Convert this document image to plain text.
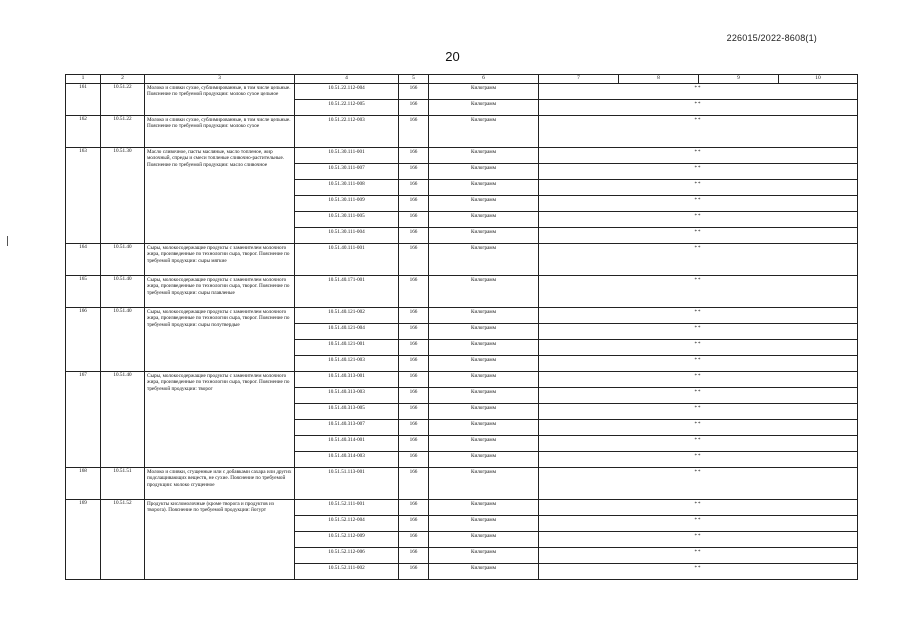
226015/2022-8608(1)
20
1	2	3	4	5	6	7	8	9	10
161	10.51.22	Молоко и сливки сухие, сублимированные, в том числе цельные. Пояснение по требуемой продукции: молоко сухое цельное	10.51.22.112-004	166	Килограмм	**			
			10.51.22.112-005	166	Килограмм	**			
162	10.51.22	Молоко и сливки сухие, сублимированные, в том числе цельные. Пояснение по требуемой продукции: молоко сухое	10.51.22.112-003	166	Килограмм	**			
163	10.51.30	Масло сливочное, пасты масляные, масло топленое, жир молочный, спреды и смеси топленые сливочно-растительные. Пояснение по требуемой продукции: масло сливочное	10.51.30.111-001	166	Килограмм	**			
			10.51.30.111-007	166	Килограмм	**			
			10.51.30.111-008	166	Килограмм	**			
			10.51.30.111-009	166	Килограмм	**			
			10.51.30.111-005	166	Килограмм	**			
			10.51.30.111-004	166	Килограмм	**			
164	10.51.40	Сыры, молокосодержащие продукты с заменителем молочного жира, произведенные по технологии сыра, творог. Пояснение по требуемой продукции: сыры мягкие	10.51.40.111-001	166	Килограмм	**			
165	10.51.40	Сыры, молокосодержащие продукты с заменителем молочного жира, произведенные по технологии сыра, творог. Пояснение по требуемой продукции: сыры плавленые	10.51.40.171-001	166	Килограмм	**			
166	10.51.40	Сыры, молокосодержащие продукты с заменителем молочного жира, произведенные по технологии сыра, творог. Пояснение по требуемой продукции: сыры полутвердые	10.51.40.121-002	166	Килограмм	**			
			10.51.40.121-004	166	Килограмм	**			
			10.51.40.121-001	166	Килограмм	**			
			10.51.40.121-003	166	Килограмм	**			
167	10.51.40	Сыры, молокосодержащие продукты с заменителем молочного жира, произведенные по технологии сыра, творог. Пояснение по требуемой продукции: творог	10.51.40.313-001	166	Килограмм	**			
			10.51.40.313-003	166	Килограмм	**			
			10.51.40.313-005	166	Килограмм	**			
			10.51.40.313-007	166	Килограмм	**			
			10.51.40.314-001	166	Килограмм	**			
			10.51.40.314-003	166	Килограмм	**			
168	10.51.51	Молоко и сливки, сгущенные или с добавками сахара или других подслащивающих веществ, не сухие. Пояснение по требуемой продукции: молоко сгущенное	10.51.51.113-001	166	Килограмм	**			
169	10.51.52	Продукты кисломолочные (кроме творога и продуктов из творога). Пояснение по требуемой продукции: йогурт	10.51.52.111-001	166	Килограмм	**			
			10.51.52.112-004	166	Килограмм	**			
			10.51.52.112-009	166	Килограмм	**			
			10.51.52.112-006	166	Килограмм	**			
			10.51.52.111-002	166	Килограмм	**			
